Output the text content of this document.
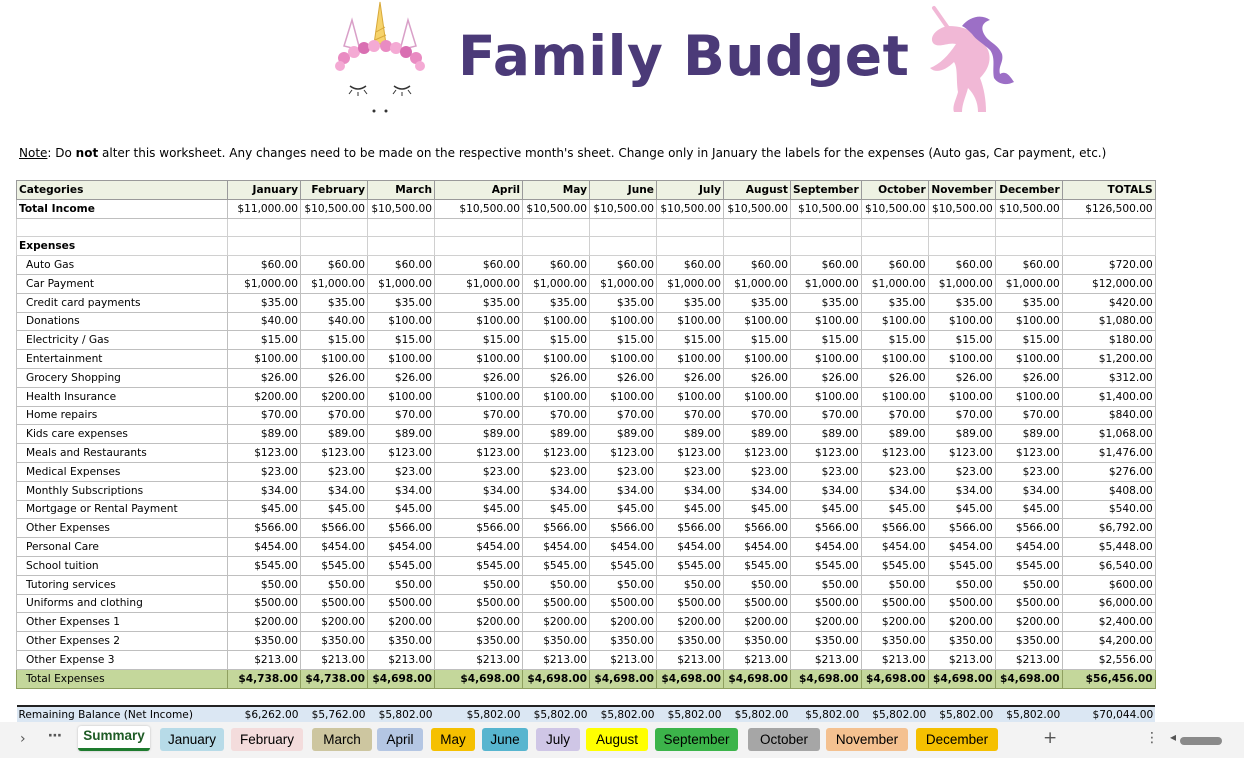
Family Budget
Note: Do not alter this worksheet. Any changes need to be made on the respective month's sheet. Change only in January the labels for the expenses (Auto gas, Car payment, etc.)
Categories	January	February	March	April	May	June	July	August	September	October	November	December	TOTALS
Total Income	$11,000.00	$10,500.00	$10,500.00	$10,500.00	$10,500.00	$10,500.00	$10,500.00	$10,500.00	$10,500.00	$10,500.00	$10,500.00	$10,500.00	$126,500.00

Expenses													
Auto Gas	$60.00	$60.00	$60.00	$60.00	$60.00	$60.00	$60.00	$60.00	$60.00	$60.00	$60.00	$60.00	$720.00
Car Payment	$1,000.00	$1,000.00	$1,000.00	$1,000.00	$1,000.00	$1,000.00	$1,000.00	$1,000.00	$1,000.00	$1,000.00	$1,000.00	$1,000.00	$12,000.00
Credit card payments	$35.00	$35.00	$35.00	$35.00	$35.00	$35.00	$35.00	$35.00	$35.00	$35.00	$35.00	$35.00	$420.00
Donations	$40.00	$40.00	$100.00	$100.00	$100.00	$100.00	$100.00	$100.00	$100.00	$100.00	$100.00	$100.00	$1,080.00
Electricity / Gas	$15.00	$15.00	$15.00	$15.00	$15.00	$15.00	$15.00	$15.00	$15.00	$15.00	$15.00	$15.00	$180.00
Entertainment	$100.00	$100.00	$100.00	$100.00	$100.00	$100.00	$100.00	$100.00	$100.00	$100.00	$100.00	$100.00	$1,200.00
Grocery Shopping	$26.00	$26.00	$26.00	$26.00	$26.00	$26.00	$26.00	$26.00	$26.00	$26.00	$26.00	$26.00	$312.00
Health Insurance	$200.00	$200.00	$100.00	$100.00	$100.00	$100.00	$100.00	$100.00	$100.00	$100.00	$100.00	$100.00	$1,400.00
Home repairs	$70.00	$70.00	$70.00	$70.00	$70.00	$70.00	$70.00	$70.00	$70.00	$70.00	$70.00	$70.00	$840.00
Kids care expenses	$89.00	$89.00	$89.00	$89.00	$89.00	$89.00	$89.00	$89.00	$89.00	$89.00	$89.00	$89.00	$1,068.00
Meals and Restaurants	$123.00	$123.00	$123.00	$123.00	$123.00	$123.00	$123.00	$123.00	$123.00	$123.00	$123.00	$123.00	$1,476.00
Medical Expenses	$23.00	$23.00	$23.00	$23.00	$23.00	$23.00	$23.00	$23.00	$23.00	$23.00	$23.00	$23.00	$276.00
Monthly Subscriptions	$34.00	$34.00	$34.00	$34.00	$34.00	$34.00	$34.00	$34.00	$34.00	$34.00	$34.00	$34.00	$408.00
Mortgage or Rental Payment	$45.00	$45.00	$45.00	$45.00	$45.00	$45.00	$45.00	$45.00	$45.00	$45.00	$45.00	$45.00	$540.00
Other Expenses	$566.00	$566.00	$566.00	$566.00	$566.00	$566.00	$566.00	$566.00	$566.00	$566.00	$566.00	$566.00	$6,792.00
Personal Care	$454.00	$454.00	$454.00	$454.00	$454.00	$454.00	$454.00	$454.00	$454.00	$454.00	$454.00	$454.00	$5,448.00
School tuition	$545.00	$545.00	$545.00	$545.00	$545.00	$545.00	$545.00	$545.00	$545.00	$545.00	$545.00	$545.00	$6,540.00
Tutoring services	$50.00	$50.00	$50.00	$50.00	$50.00	$50.00	$50.00	$50.00	$50.00	$50.00	$50.00	$50.00	$600.00
Uniforms and clothing	$500.00	$500.00	$500.00	$500.00	$500.00	$500.00	$500.00	$500.00	$500.00	$500.00	$500.00	$500.00	$6,000.00
Other Expenses 1	$200.00	$200.00	$200.00	$200.00	$200.00	$200.00	$200.00	$200.00	$200.00	$200.00	$200.00	$200.00	$2,400.00
Other Expenses 2	$350.00	$350.00	$350.00	$350.00	$350.00	$350.00	$350.00	$350.00	$350.00	$350.00	$350.00	$350.00	$4,200.00
Other Expense 3	$213.00	$213.00	$213.00	$213.00	$213.00	$213.00	$213.00	$213.00	$213.00	$213.00	$213.00	$213.00	$2,556.00
Total Expenses	$4,738.00	$4,738.00	$4,698.00	$4,698.00	$4,698.00	$4,698.00	$4,698.00	$4,698.00	$4,698.00	$4,698.00	$4,698.00	$4,698.00	$56,456.00

Remaining Balance (Net Income)	$6,262.00	$5,762.00	$5,802.00	$5,802.00	$5,802.00	$5,802.00	$5,802.00	$5,802.00	$5,802.00	$5,802.00	$5,802.00	$5,802.00	$70,044.00
› ⋯	Summary	January	February	March	April	May	June	July	August	September	October	November	December	+	⋮ ◂
